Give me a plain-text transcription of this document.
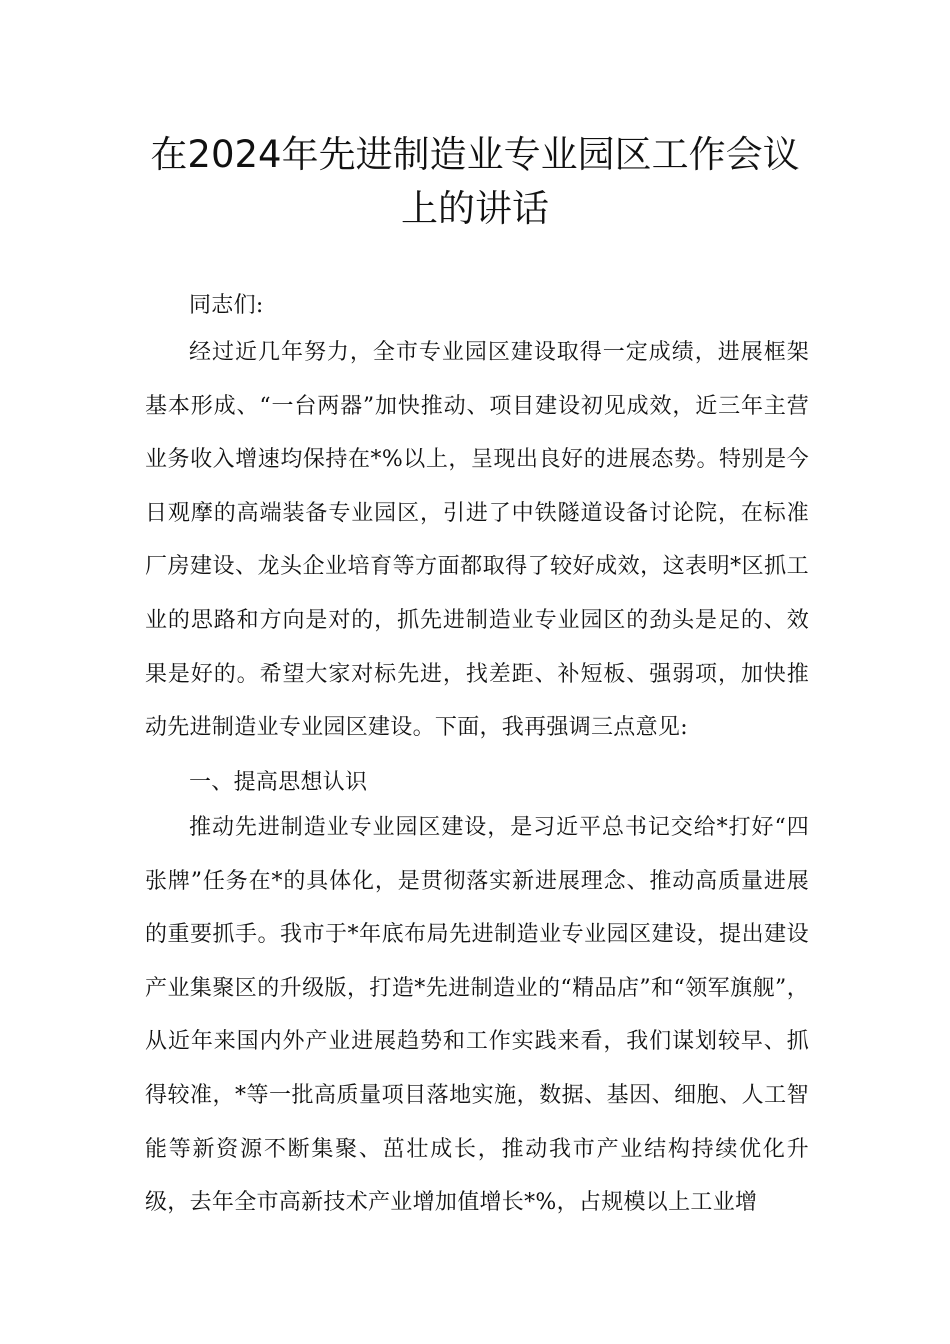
在2024年先进制造业专业园区工作会议上的讲话

同志们:

经过近几年努力，全市专业园区建设取得一定成绩，进展框架基本形成、“一台两器”加快推动、项目建设初见成效，近三年主营业务收入增速均保持在*%以上，呈现出良好的进展态势。特别是今日观摩的高端装备专业园区，引进了中铁隧道设备讨论院，在标准厂房建设、龙头企业培育等方面都取得了较好成效，这表明*区抓工业的思路和方向是对的，抓先进制造业专业园区的劲头是足的、效果是好的。希望大家对标先进，找差距、补短板、强弱项，加快推动先进制造业专业园区建设。下面，我再强调三点意见:

一、提高思想认识

推动先进制造业专业园区建设，是习近平总书记交给*打好“四张牌”任务在*的具体化，是贯彻落实新进展理念、推动高质量进展的重要抓手。我市于*年底布局先进制造业专业园区建设，提出建设产业集聚区的升级版，打造*先进制造业的“精品店”和“领军旗舰”，从近年来国内外产业进展趋势和工作实践来看，我们谋划较早、抓得较准，*等一批高质量项目落地实施，数据、基因、细胞、人工智能等新资源不断集聚、茁壮成长，推动我市产业结构持续优化升级，去年全市高新技术产业增加值增长*%，占规模以上工业增
